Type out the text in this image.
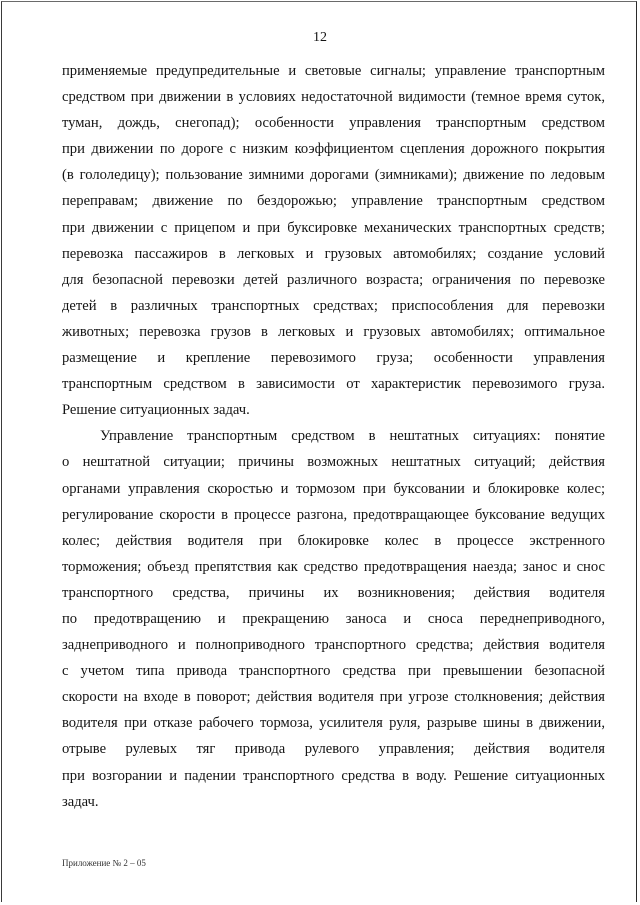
12
применяемые предупредительные и световые сигналы; управление транспортным
средством при движении в условиях недостаточной видимости (темное время суток,
туман, дождь, снегопад); особенности управления транспортным средством
при движении по дороге с низким коэффициентом сцепления дорожного покрытия
(в гололедицу); пользование зимними дорогами (зимниками); движение по ледовым
переправам; движение по бездорожью; управление транспортным средством
при движении с прицепом и при буксировке механических транспортных средств;
перевозка пассажиров в легковых и грузовых автомобилях; создание условий
для безопасной перевозки детей различного возраста; ограничения по перевозке
детей в различных транспортных средствах; приспособления для перевозки
животных; перевозка грузов в легковых и грузовых автомобилях; оптимальное
размещение и крепление перевозимого груза; особенности управления
транспортным средством в зависимости от характеристик перевозимого груза.
Решение ситуационных задач.
Управление транспортным средством в нештатных ситуациях: понятие
о нештатной ситуации; причины возможных нештатных ситуаций; действия
органами управления скоростью и тормозом при буксовании и блокировке колес;
регулирование скорости в процессе разгона, предотвращающее буксование ведущих
колес; действия водителя при блокировке колес в процессе экстренного
торможения; объезд препятствия как средство предотвращения наезда; занос и снос
транспортного средства, причины их возникновения; действия водителя
по предотвращению и прекращению заноса и сноса переднеприводного,
заднеприводного и полноприводного транспортного средства; действия водителя
с учетом типа привода транспортного средства при превышении безопасной
скорости на входе в поворот; действия водителя при угрозе столкновения; действия
водителя при отказе рабочего тормоза, усилителя руля, разрыве шины в движении,
отрыве рулевых тяг привода рулевого управления; действия водителя
при возгорании и падении транспортного средства в воду. Решение ситуационных
задач.
Приложение № 2 – 05
